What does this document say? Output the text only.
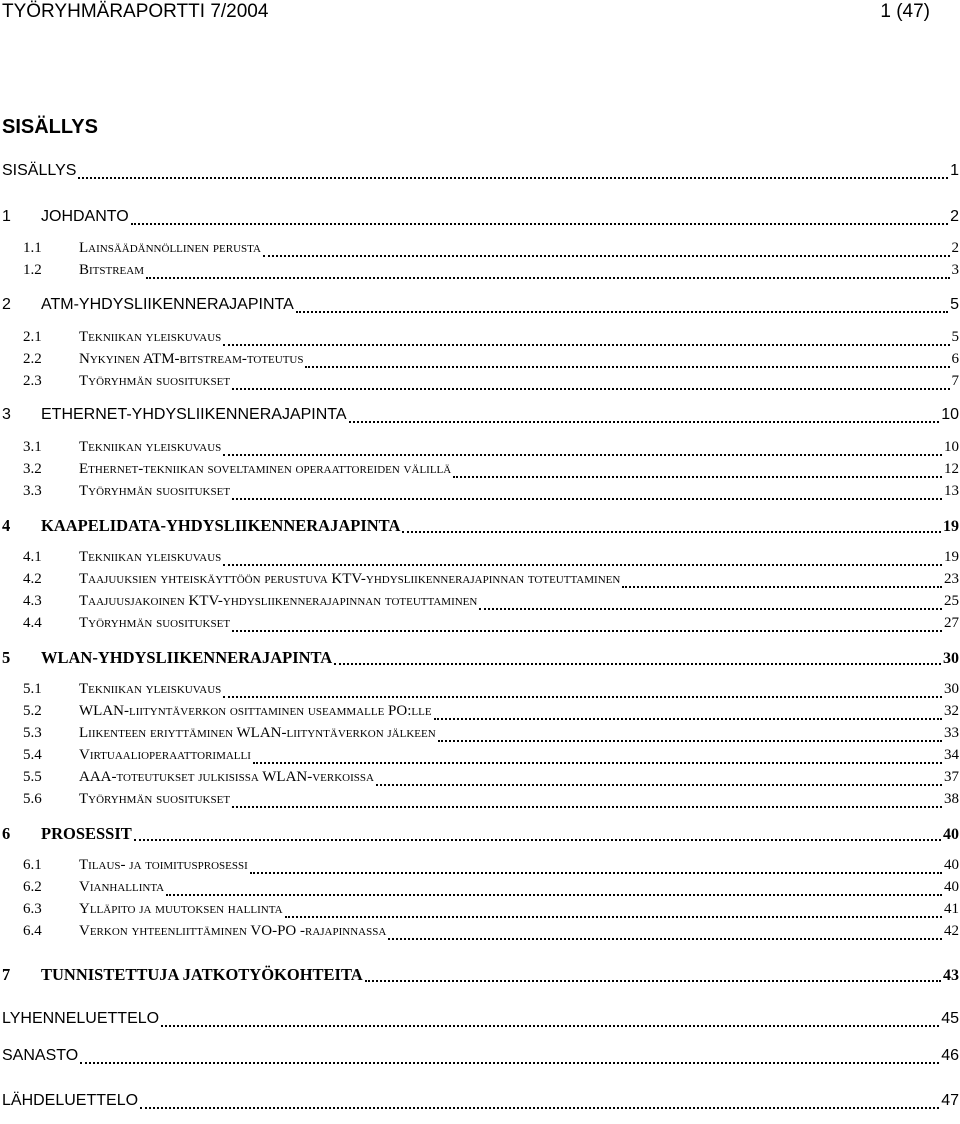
TYÖRYHMÄRAPORTTI 7/2004	1 (47)
SISÄLLYS
SISÄLLYS	1
1 JOHDANTO	2
1.1 Lainsäädännöllinen perusta	2
1.2 Bitstream	3
2 ATM-YHDYSLIIKENNERAJAPINTA	5
2.1 Tekniikan yleiskuvaus	5
2.2 Nykyinen ATM-bitstream-toteutus	6
2.3 Työryhmän suositukset	7
3 ETHERNET-YHDYSLIIKENNERAJAPINTA	10
3.1 Tekniikan yleiskuvaus	10
3.2 Ethernet-tekniikan soveltaminen operaattoreiden välillä	12
3.3 Työryhmän suositukset	13
4 KAAPELIDATA-YHDYSLIIKENNERAJAPINTA	19
4.1 Tekniikan yleiskuvaus	19
4.2 Taajuuksien yhteiskäyttöön perustuva KTV-yhdysliikennerajapinnan toteuttaminen	23
4.3 Taajuusjakoinen KTV-yhdysliikennerajapinnan toteuttaminen	25
4.4 Työryhmän suositukset	27
5 WLAN-YHDYSLIIKENNERAJAPINTA	30
5.1 Tekniikan yleiskuvaus	30
5.2 WLAN-liityntäverkon osittaminen useammalle PO:lle	32
5.3 Liikenteen eriyttäminen WLAN-liityntäverkon jälkeen	33
5.4 Virtuaalioperaattorimalli	34
5.5 AAA-toteutukset julkisissa WLAN-verkoissa	37
5.6 Työryhmän suositukset	38
6 PROSESSIT	40
6.1 Tilaus- ja toimitusprosessi	40
6.2 Vianhallinta	40
6.3 Ylläpito ja muutoksen hallinta	41
6.4 Verkon yhteenliittäminen VO-PO -rajapinnassa	42
7 TUNNISTETTUJA JATKOTYÖKOHTEITA	43
LYHENNELUETTELO	45
SANASTO	46
LÄHDELUETTELO	47
